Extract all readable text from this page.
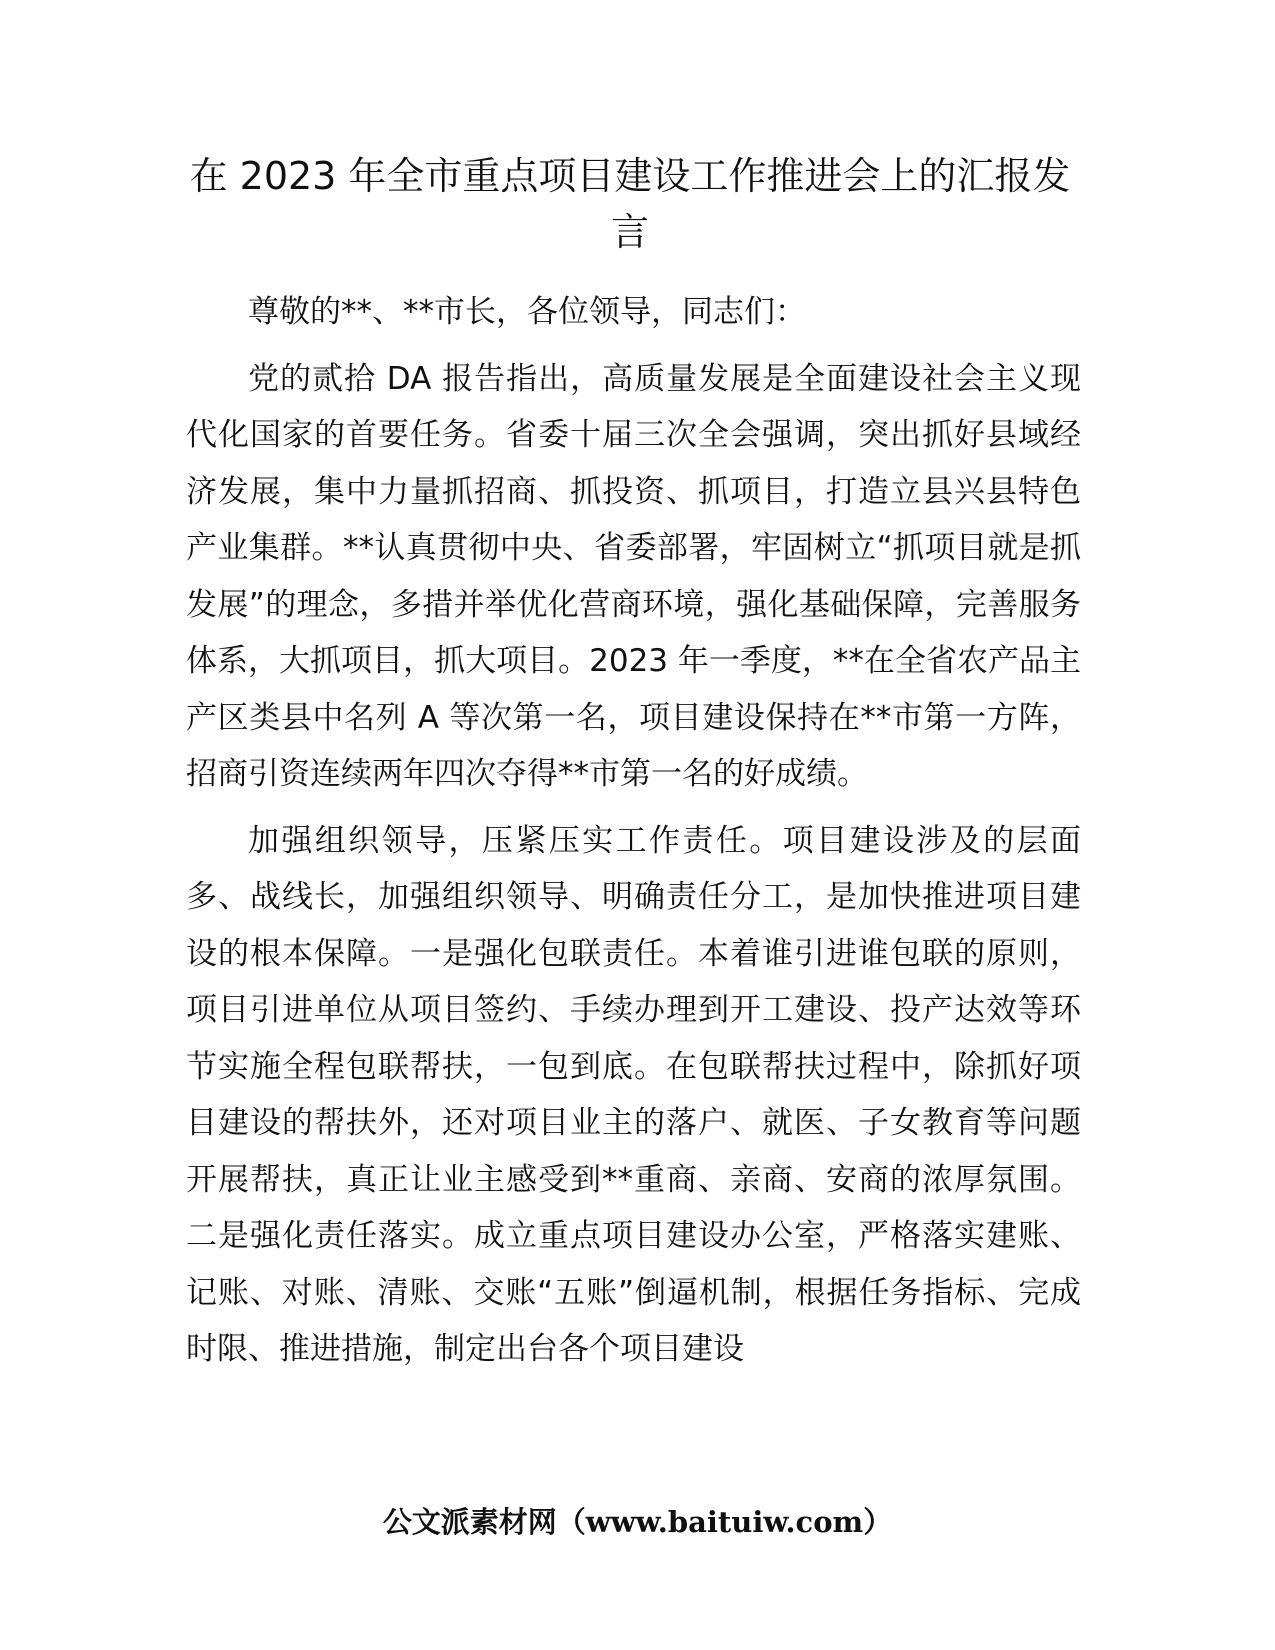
在 2023 年全市重点项目建设工作推进会上的汇报发言

尊敬的**、**市长，各位领导，同志们：

党的贰拾 DA 报告指出，高质量发展是全面建设社会主义现代化国家的首要任务。省委十届三次全会强调，突出抓好县域经济发展，集中力量抓招商、抓投资、抓项目，打造立县兴县特色产业集群。**认真贯彻中央、省委部署，牢固树立“抓项目就是抓发展”的理念，多措并举优化营商环境，强化基础保障，完善服务体系，大抓项目，抓大项目。2023 年一季度，**在全省农产品主产区类县中名列 A 等次第一名，项目建设保持在**市第一方阵，招商引资连续两年四次夺得**市第一名的好成绩。

加强组织领导，压紧压实工作责任。项目建设涉及的层面多、战线长，加强组织领导、明确责任分工，是加快推进项目建设的根本保障。一是强化包联责任。本着谁引进谁包联的原则，项目引进单位从项目签约、手续办理到开工建设、投产达效等环节实施全程包联帮扶，一包到底。在包联帮扶过程中，除抓好项目建设的帮扶外，还对项目业主的落户、就医、子女教育等问题开展帮扶，真正让业主感受到**重商、亲商、安商的浓厚氛围。二是强化责任落实。成立重点项目建设办公室，严格落实建账、记账、对账、清账、交账“五账”倒逼机制，根据任务指标、完成时限、推进措施，制定出台各个项目建设

公文派素材网（www.baituiw.com）
